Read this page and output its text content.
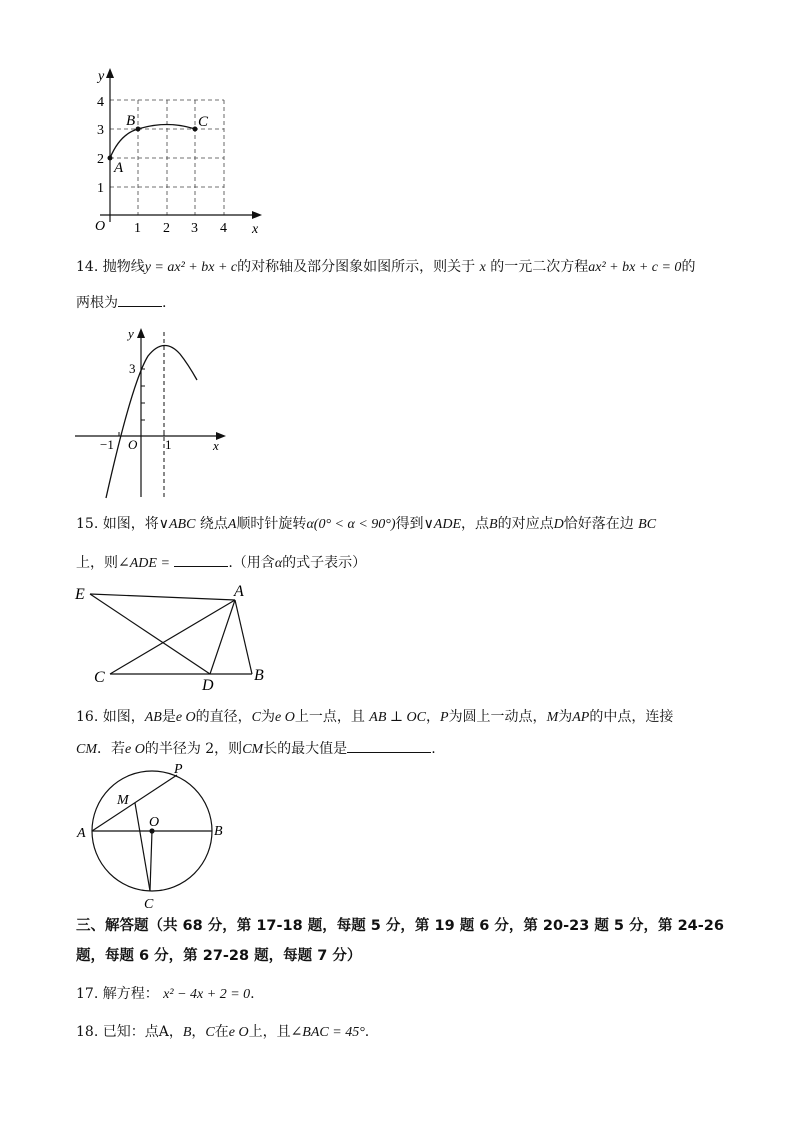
y
x
O
4
3
2
1
1 2 3 4
A
B	C
14. 抛物线y = ax² + bx + c的对称轴及部分图象如图所示，则关于 x 的一元二次方程ax² + bx + c = 0的
两根为	.
y
x
3
−1 O 1
15. 如图，将∨ABC 绕点A顺时针旋转α(0° < α < 90°)得到∨ADE，点B的对应点D恰好落在边 BC
上，则∠ADE =	.（用含α的式子表示）
E	A
C	D
B
16. 如图，AB是e O的直径，C为e O上一点，且 AB ⊥ OC，P为圆上一动点，M为AP的中点，连接
CM．若e O的半径为 2，则CM长的最大值是	.
P
M
A
O
B
C
三、解答题（共 68 分，第 17-18 题，每题 5 分，第 19 题 6 分，第 20-23 题 5 分，第 24-26
题，每题 6 分，第 27-28 题，每题 7 分）
17. 解方程： x² − 4x + 2 = 0.
18. 已知：点A，B，C在e O上，且∠BAC = 45°.
